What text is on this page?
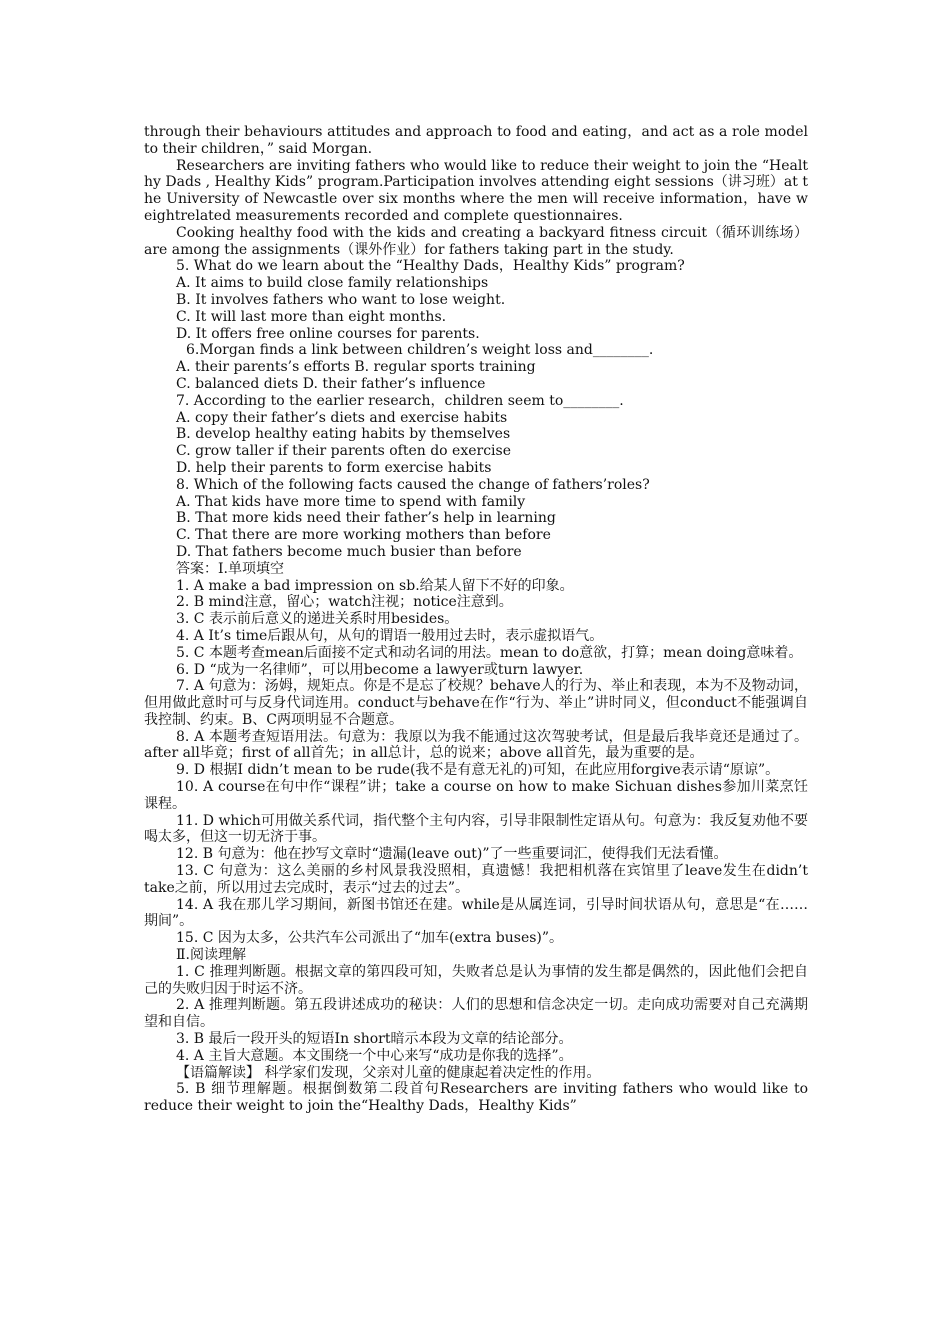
through their behaviours attitudes and approach to food and eating，and act as a role model to their children，” said Morgan.

Researchers are inviting fathers who would like to reduce their weight to join the “Healthy Dads , Healthy Kids” program.Participation involves attending eight sessions（讲习班）at the University of Newcastle over six months where the men will receive information，have weightrelated measurements recorded and complete questionnaires.

Cooking healthy food with the kids and creating a backyard fitness circuit（循环训练场）are among the assignments（课外作业）for fathers taking part in the study.

5. What do we learn about the “Healthy Dads，Healthy Kids” program?

A. It aims to build close family relationships

B. It involves fathers who want to lose weight.

C. It will last more than eight months.

D. It offers free online courses for parents.

6.Morgan finds a link between children’s weight loss and________.

A. their parents’s efforts B. regular sports training

C. balanced diets D. their father’s influence

7. According to the earlier research，children seem to________.

A. copy their father’s diets and exercise habits

B. develop healthy eating habits by themselves

C. grow taller if their parents often do exercise

D. help their parents to form exercise habits

8. Which of the following facts caused the change of fathers’roles?

A. That kids have more time to spend with family

B. That more kids need their father’s help in learning

C. That there are more working mothers than before

D. That fathers become much busier than before

答案：Ⅰ.单项填空

1. A make a bad impression on sb.给某人留下不好的印象。

2. B mind注意，留心；watch注视；notice注意到。

3. C 表示前后意义的递进关系时用besides。

4. A It’s time后跟从句，从句的谓语一般用过去时，表示虚拟语气。

5. C 本题考查mean后面接不定式和动名词的用法。mean to do意欲，打算；mean doing意味着。

6. D “成为一名律师”，可以用become a lawyer或turn lawyer.

7. A 句意为：汤姆，规矩点。你是不是忘了校规？behave人的行为、举止和表现，本为不及物动词，但用做此意时可与反身代词连用。conduct与behave在作“行为、举止”讲时同义，但conduct不能强调自我控制、约束。B、C两项明显不合题意。

8. A 本题考查短语用法。句意为：我原以为我不能通过这次驾驶考试，但是最后我毕竟还是通过了。after all毕竟；first of all首先；in all总计，总的说来；above all首先，最为重要的是。

9. D 根据I didn’t mean to be rude(我不是有意无礼的)可知，在此应用forgive表示请“原谅”。

10. A course在句中作“课程”讲；take a course on how to make Sichuan dishes参加川菜烹饪课程。

11. D which可用做关系代词，指代整个主句内容，引导非限制性定语从句。句意为：我反复劝他不要喝太多，但这一切无济于事。

12. B 句意为：他在抄写文章时“遗漏(leave out)”了一些重要词汇，使得我们无法看懂。

13. C 句意为：这么美丽的乡村风景我没照相，真遗憾！我把相机落在宾馆里了leave发生在didn’t take之前，所以用过去完成时，表示“过去的过去”。

14. A 我在那儿学习期间，新图书馆还在建。while是从属连词，引导时间状语从句，意思是“在……期间”。

15. C 因为太多，公共汽车公司派出了“加车(extra buses)”。

Ⅱ.阅读理解

1. C 推理判断题。根据文章的第四段可知，失败者总是认为事情的发生都是偶然的，因此他们会把自己的失败归因于时运不济。

2. A 推理判断题。第五段讲述成功的秘诀：人们的思想和信念决定一切。走向成功需要对自己充满期望和自信。

3. B 最后一段开头的短语In short暗示本段为文章的结论部分。

4. A 主旨大意题。本文围绕一个中心来写“成功是你我的选择”。

【语篇解读】 科学家们发现，父亲对儿童的健康起着决定性的作用。

5. B 细节理解题。根据倒数第二段首句Researchers are inviting fathers who would like to reduce their weight to join the“Healthy Dads，Healthy Kids”
